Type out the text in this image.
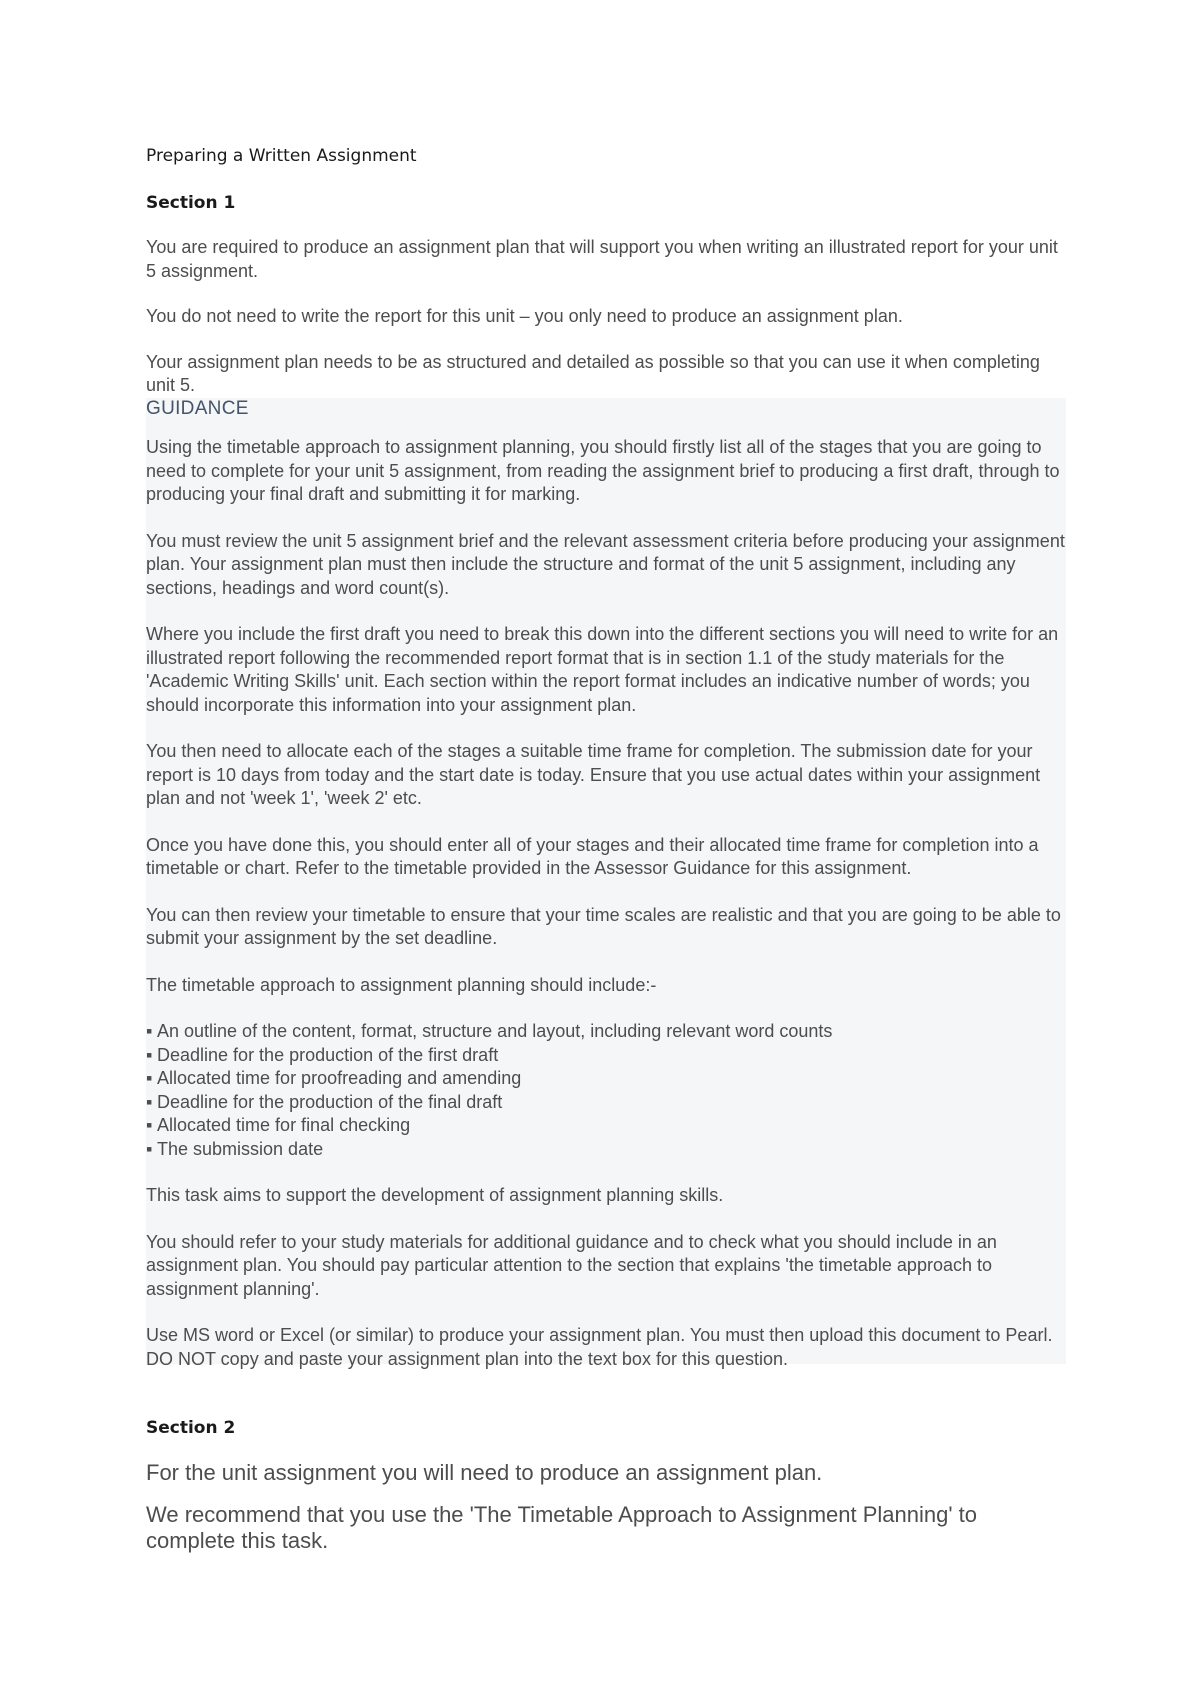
Preparing a Written Assignment
Section 1

You are required to produce an assignment plan that will support you when writing an illustrated report for your unit 5 assignment.

You do not need to write the report for this unit – you only need to produce an assignment plan.

Your assignment plan needs to be as structured and detailed as possible so that you can use it when completing unit 5.

GUIDANCE

Using the timetable approach to assignment planning, you should firstly list all of the stages that you are going to need to complete for your unit 5 assignment, from reading the assignment brief to producing a first draft, through to producing your final draft and submitting it for marking.

You must review the unit 5 assignment brief and the relevant assessment criteria before producing your assignment plan. Your assignment plan must then include the structure and format of the unit 5 assignment, including any sections, headings and word count(s).

Where you include the first draft you need to break this down into the different sections you will need to write for an illustrated report following the recommended report format that is in section 1.1 of the study materials for the 'Academic Writing Skills' unit. Each section within the report format includes an indicative number of words; you should incorporate this information into your assignment plan.

You then need to allocate each of the stages a suitable time frame for completion. The submission date for your report is 10 days from today and the start date is today. Ensure that you use actual dates within your assignment plan and not 'week 1', 'week 2' etc.

Once you have done this, you should enter all of your stages and their allocated time frame for completion into a timetable or chart. Refer to the timetable provided in the Assessor Guidance for this assignment.

You can then review your timetable to ensure that your time scales are realistic and that you are going to be able to submit your assignment by the set deadline.

The timetable approach to assignment planning should include:-

▪ An outline of the content, format, structure and layout, including relevant word counts
▪ Deadline for the production of the first draft
▪ Allocated time for proofreading and amending
▪ Deadline for the production of the final draft
▪ Allocated time for final checking
▪ The submission date

This task aims to support the development of assignment planning skills.

You should refer to your study materials for additional guidance and to check what you should include in an assignment plan. You should pay particular attention to the section that explains 'the timetable approach to assignment planning'.

Use MS word or Excel (or similar) to produce your assignment plan. You must then upload this document to Pearl. DO NOT copy and paste your assignment plan into the text box for this question.

Section 2

For the unit assignment you will need to produce an assignment plan.

We recommend that you use the 'The Timetable Approach to Assignment Planning' to complete this task.
